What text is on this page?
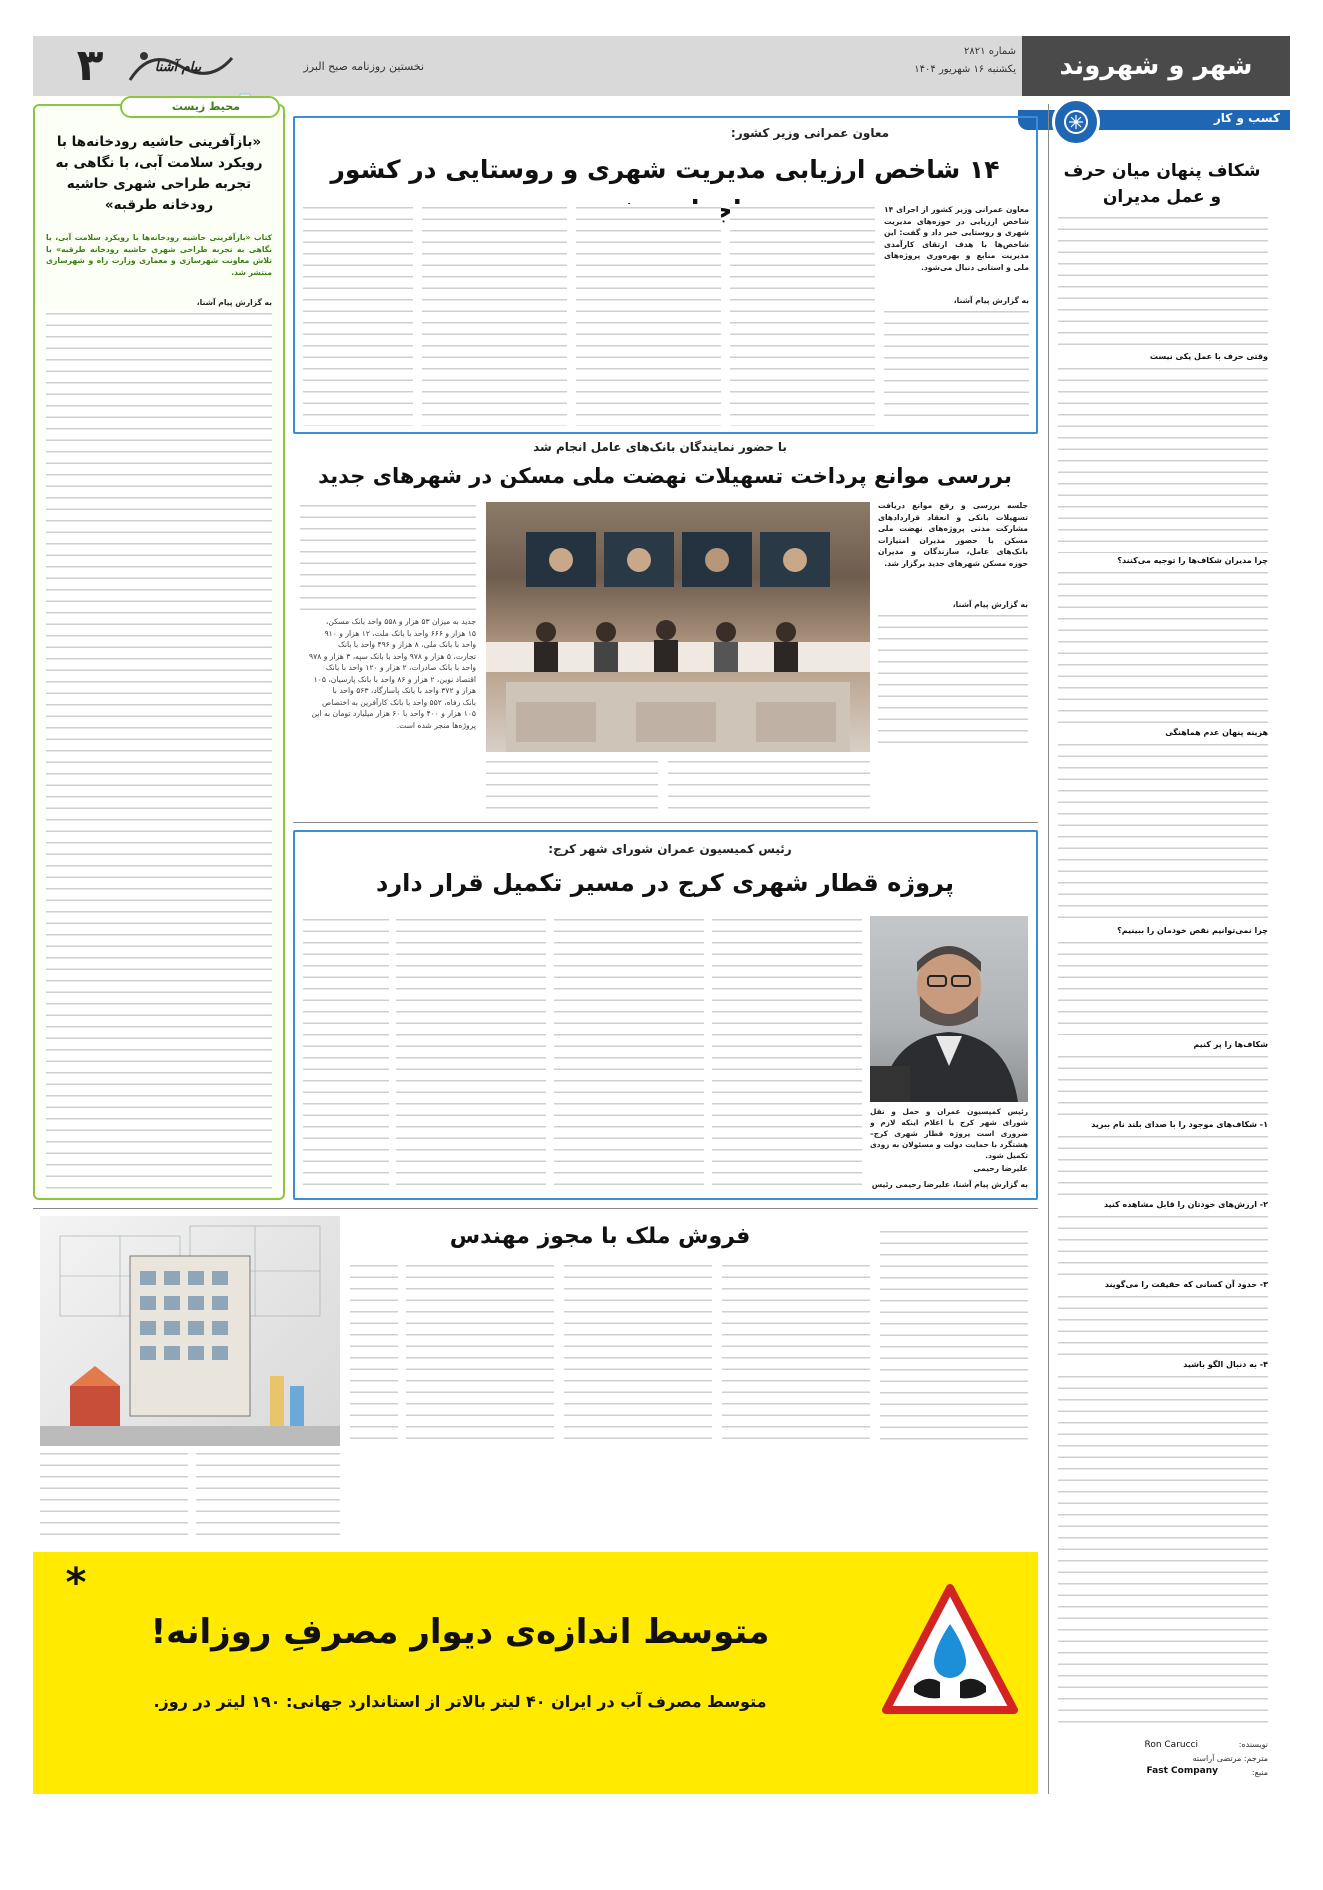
شهر و شهروند
شماره ۲۸۲۱
یکشنبه ۱۶ شهریور ۱۴۰۴
۳	پیام آشنا	نخستین روزنامه صبح البرز
کسب و کار
شکاف پنهان میان حرف و عمل مدیران
وقتی حرف با عمل یکی نیست
چرا مدیران شکاف‌ها را توجیه می‌کنند؟
هزینه پنهان عدم هماهنگی
چرا نمی‌توانیم نقص خودمان را ببینیم؟
شکاف‌ها را پر کنیم
۱- شکاف‌های موجود را با صدای بلند نام ببرید
۲- ارزش‌های خودتان را قابل مشاهده کنید
۳- حدود آن کسانی که حقیقت را می‌گویند
۴- به دنبال الگو باشید
نویسنده:
Ron Carucci
مترجم: مرتضی آراسته
منبع:
Fast Company
معاون عمرانی وزیر کشور:
۱۴ شاخص ارزیابی مدیریت شهری و روستایی در کشور
معاون عمرانی وزیر کشور از اجرای ۱۴ شاخص ارزیابی در حوزه‌های مدیریت شهری و روستایی خبر داد و گفت: این شاخص‌ها با هدف ارتقای کارآمدی مدیریت منابع و بهره‌وری پروژه‌های ملی و استانی دنبال می‌شود.
به گزارش پیام آشنا،
با حضور نمایندگان بانک‌های عامل انجام شد
بررسی موانع پرداخت تسهیلات نهضت ملی مسکن در شهرهای جدید
جلسه بررسی و رفع موانع دریافت تسهیلات بانکی و انعقاد قراردادهای مشارکت مدنی پروژه‌های نهضت ملی مسکن با حضور مدیران امتیازات بانک‌های عامل، سازندگان و مدیران حوزه مسکن شهرهای جدید برگزار شد.
به گزارش پیام آشنا،
جدید به میزان ۵۳ هزار و ۵۵۸ واحد بانک مسکن،
۱۵ هزار و ۶۶۶ واحد با بانک ملت، ۱۲ هزار و ۹۱۰
واحد با بانک ملی، ۸ هزار و ۴۹۶ واحد با بانک
تجارت، ۵ هزار و ۹۷۸ واحد با بانک سپه، ۳ هزار و ۹۷۸
واحد با بانک صادرات، ۲ هزار و ۱۲۰ واحد با بانک
اقتصاد نوین، ۲ هزار و ۸۶ واحد با بانک پارسیان، ۱۰۵
هزار و ۳۷۲ واحد با بانک پاسارگاد، ۵۶۳ واحد با
بانک رفاه، ۵۵۲ واحد با بانک کارآفرین به اختصاص
۱۰۵ هزار و ۴۰۰ واحد با ۶۰ هزار میلیارد تومان به این
پروژه‌ها منجر شده است.
رئیس کمیسیون عمران شورای شهر کرج:
پروژه قطار شهری کرج در مسیر تکمیل قرار دارد
رئیس کمیسیون عمران و حمل و نقل شورای شهر کرج با اعلام اینکه لازم و ضروری است پروژه قطار شهری کرج–هشتگرد با حمایت دولت و مسئولان به زودی تکمیل شود.
علیرضا رحیمی
به گزارش پیام آشنا، علیرضا رحیمی رئیس
محیط زیست
«بازآفرینی حاشیه رودخانه‌ها با رویکرد سلامت آبی، با نگاهی به تجربه طراحی شهری حاشیه رودخانه طرقبه»
کتاب «بازآفرینی حاشیه رودخانه‌ها با رویکرد سلامت آبی، با نگاهی به تجربه طراحی شهری حاشیه رودخانه طرقبه» با تلاش معاونت شهرسازی و معماری وزارت راه و شهرسازی منتشر شد.
به گزارش پیام آشنا،
فروش ملک با مجوز مهندس
*
متوسط اندازه‌ی دیوار مصرفِ روزانه!
متوسط مصرف آب در ایران ۴۰ لیتر بالاتر از استاندارد جهانی: ۱۹۰ لیتر در روز.
